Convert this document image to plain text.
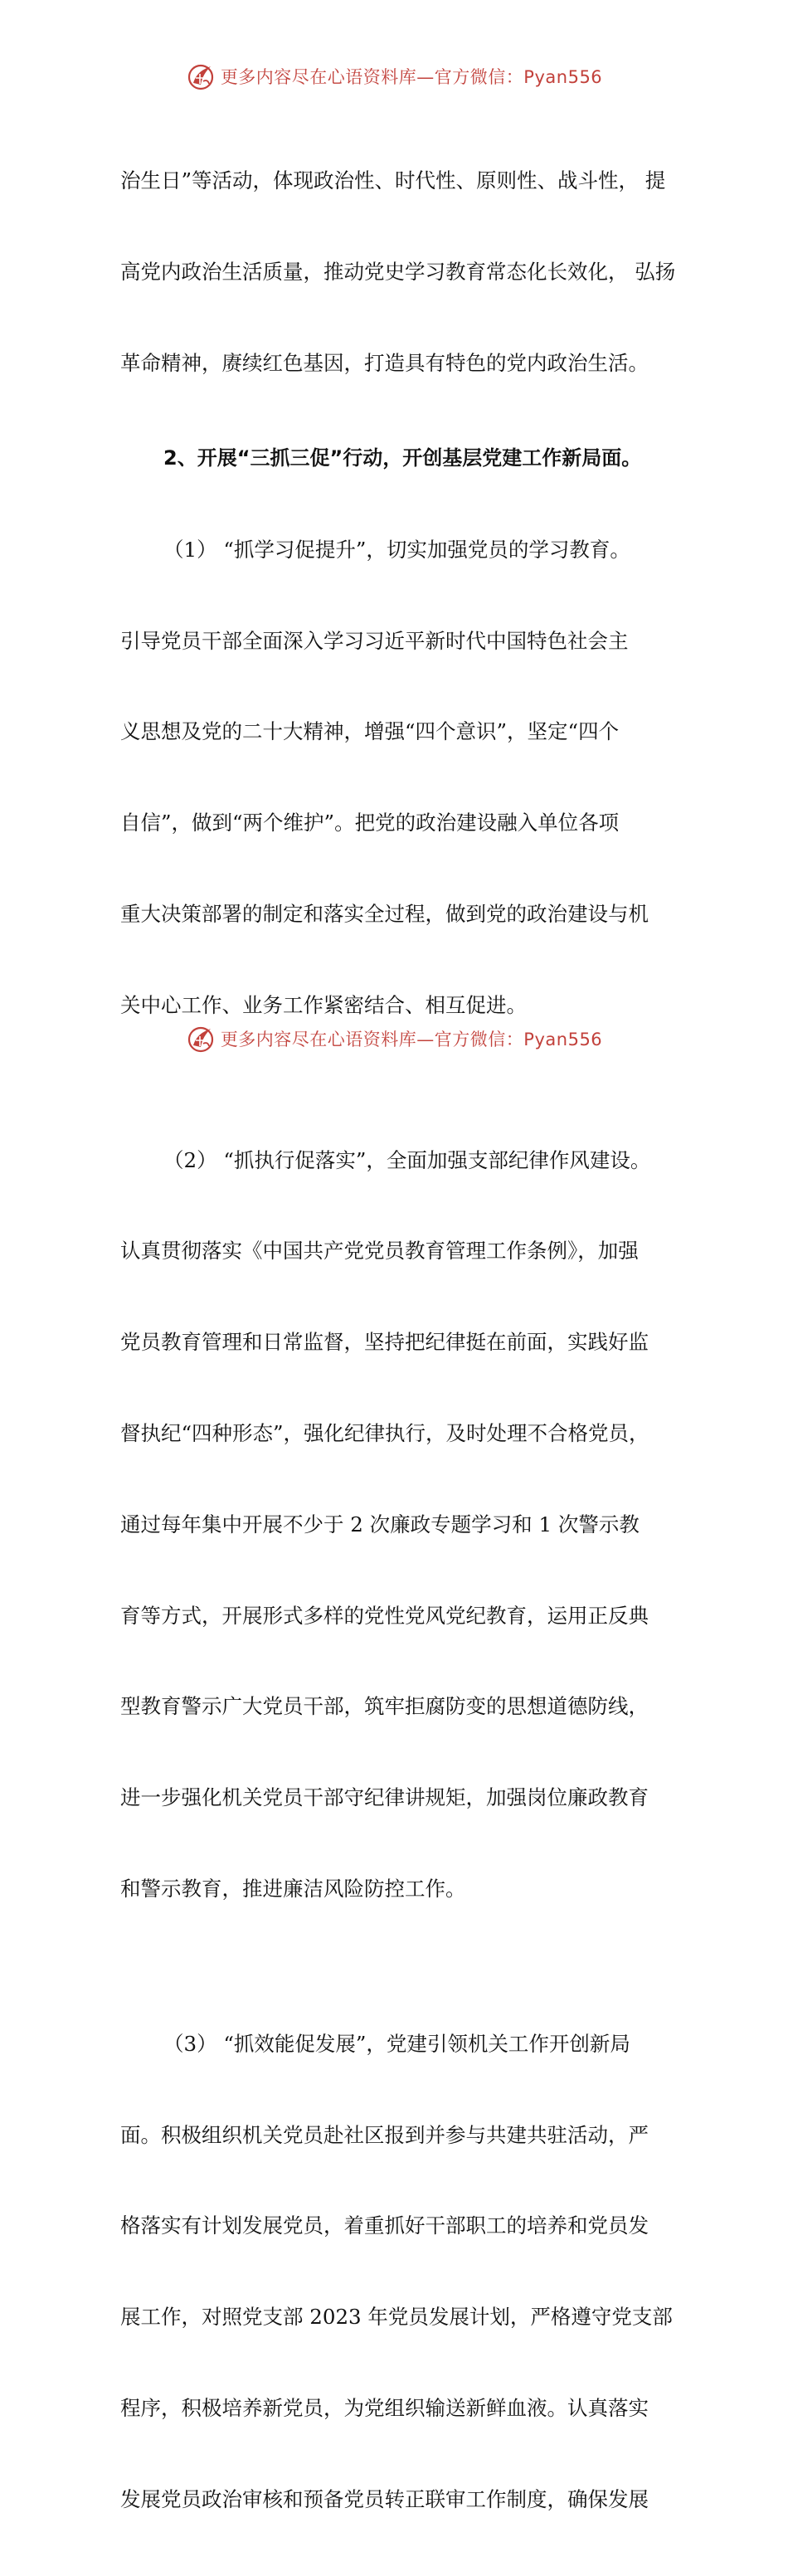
更多内容尽在心语资料库—官方微信：Pyan556

治生日”等活动，体现政治性、时代性、原则性、战斗性， 提

高党内政治生活质量，推动党史学习教育常态化长效化， 弘扬

革命精神，赓续红色基因，打造具有特色的党内政治生活。

2、开展“三抓三促”行动，开创基层党建工作新局面。

（1） “抓学习促提升”，切实加强党员的学习教育。

引导党员干部全面深入学习习近平新时代中国特色社会主

义思想及党的二十大精神，增强“四个意识”，坚定“四个

自信”，做到“两个维护”。把党的政治建设融入单位各项

重大决策部署的制定和落实全过程，做到党的政治建设与机

关中心工作、业务工作紧密结合、相互促进。

（2） “抓执行促落实”，全面加强支部纪律作风建设。

认真贯彻落实《中国共产党党员教育管理工作条例》，加强

党员教育管理和日常监督，坚持把纪律挺在前面，实践好监

督执纪“四种形态”，强化纪律执行，及时处理不合格党员，

通过每年集中开展不少于 2 次廉政专题学习和 1 次警示教

育等方式，开展形式多样的党性党风党纪教育，运用正反典

型教育警示广大党员干部，筑牢拒腐防变的思想道德防线，

进一步强化机关党员干部守纪律讲规矩，加强岗位廉政教育

和警示教育，推进廉洁风险防控工作。

（3） “抓效能促发展”，党建引领机关工作开创新局

面。积极组织机关党员赴社区报到并参与共建共驻活动，严

格落实有计划发展党员，着重抓好干部职工的培养和党员发

展工作，对照党支部 2023 年党员发展计划，严格遵守党支部

程序，积极培养新党员，为党组织输送新鲜血液。认真落实

发展党员政治审核和预备党员转正联审工作制度，确保发展

更多内容尽在心语资料库—官方微信：Pyan556
